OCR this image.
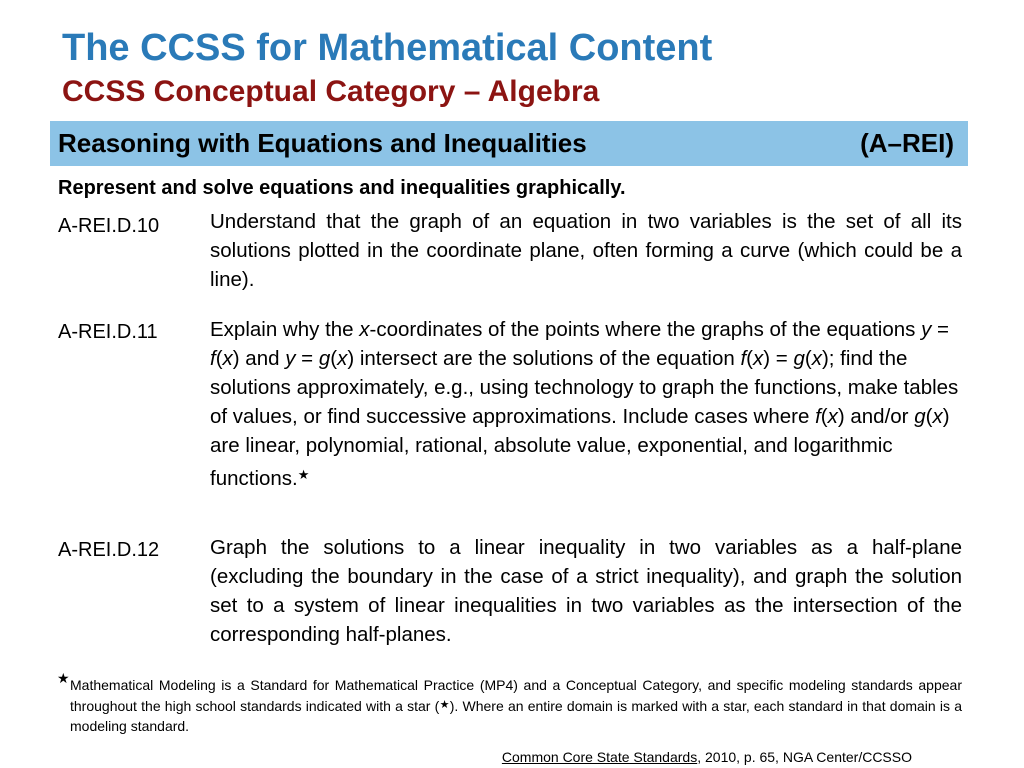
The CCSS for Mathematical Content
CCSS Conceptual Category – Algebra
Reasoning with Equations and Inequalities	(A–REI)
Represent and solve equations and inequalities graphically.
A-REI.D.10 Understand that the graph of an equation in two variables is the set of all its solutions plotted in the coordinate plane, often forming a curve (which could be a line).
A-REI.D.11	Explain why the x-coordinates of the points where the graphs of the equations y = f(x) and y = g(x) intersect are the solutions of the equation f(x) = g(x); find the solutions approximately, e.g., using technology to graph the functions, make tables of values, or find successive approximations. Include cases where f(x) and/or g(x) are linear, polynomial, rational, absolute value, exponential, and logarithmic functions.★
A-REI.D.12 Graph the solutions to a linear inequality in two variables as a half-plane (excluding the boundary in the case of a strict inequality), and graph the solution set to a system of linear inequalities in two variables as the intersection of the corresponding half-planes.
★ Mathematical Modeling is a Standard for Mathematical Practice (MP4) and a Conceptual Category, and specific modeling standards appear throughout the high school standards indicated with a star (★). Where an entire domain is marked with a star, each standard in that domain is a modeling standard.
Common Core State Standards, 2010, p. 65, NGA Center/CCSSO
